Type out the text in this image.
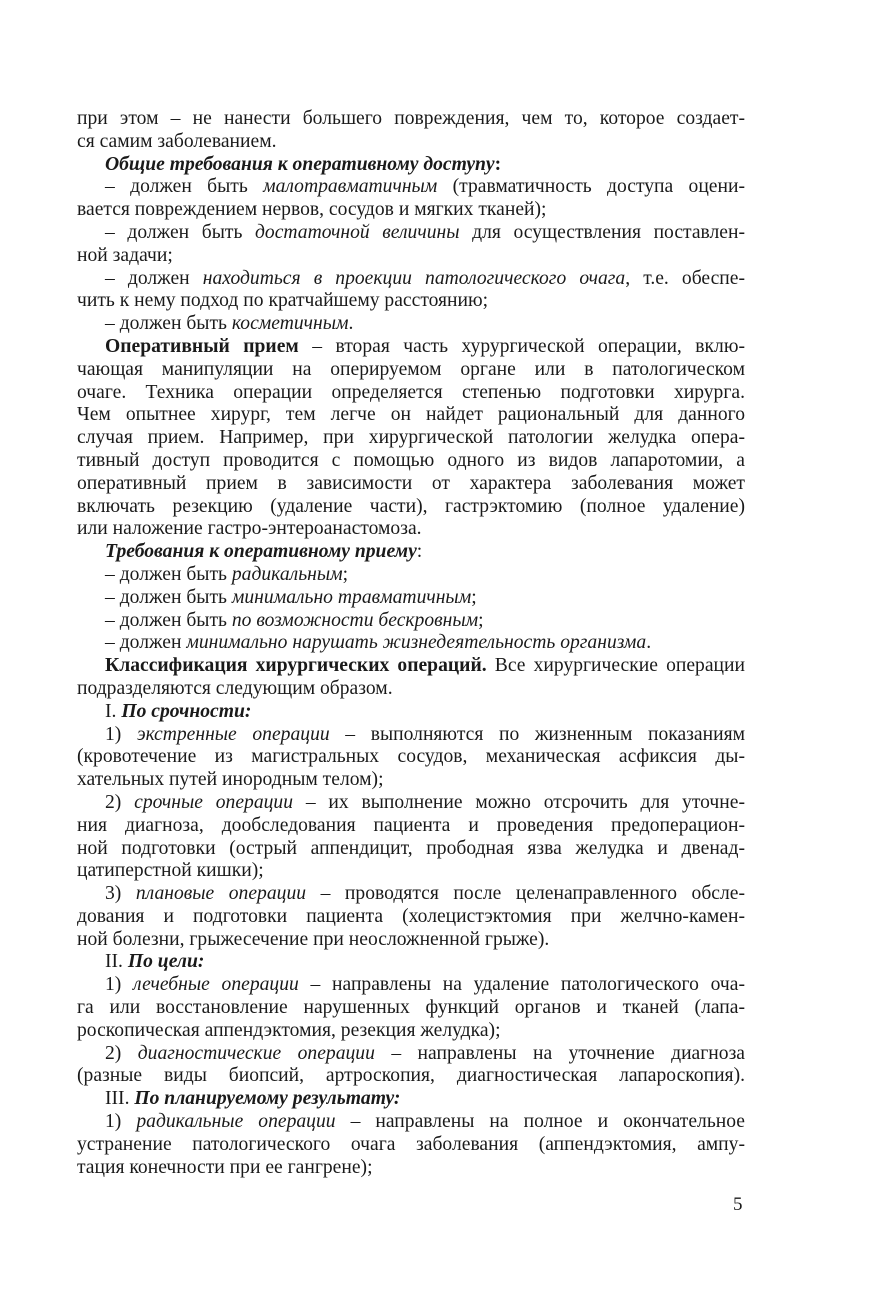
при этом – не нанести большего повреждения, чем то, которое создает-
ся самим заболеванием.
Общие требования к оперативному доступу:
– должен быть малотравматичным (травматичность доступа оцени-
вается повреждением нервов, сосудов и мягких тканей);
– должен быть достаточной величины для осуществления поставлен-
ной задачи;
– должен находиться в проекции патологического очага, т.е. обеспе-
чить к нему подход по кратчайшему расстоянию;
– должен быть косметичным.
Оперативный прием – вторая часть хурургической операции, вклю-
чающая манипуляции на оперируемом органе или в патологическом
очаге. Техника операции определяется степенью подготовки хирурга.
Чем опытнее хирург, тем легче он найдет рациональный для данного
случая прием. Например, при хирургической патологии желудка опера-
тивный доступ проводится с помощью одного из видов лапаротомии, а
оперативный прием в зависимости от характера заболевания может
включать резекцию (удаление части), гастрэктомию (полное удаление)
или наложение гастро-энтероанастомоза.
Требования к оперативному приему:
– должен быть радикальным;
– должен быть минимально травматичным;
– должен быть по возможности бескровным;
– должен минимально нарушать жизнедеятельность организма.
Классификация хирургических операций. Все хирургические операции
подразделяются следующим образом.
I. По срочности:
1) экстренные операции – выполняются по жизненным показаниям
(кровотечение из магистральных сосудов, механическая асфиксия ды-
хательных путей инородным телом);
2) срочные операции – их выполнение можно отсрочить для уточне-
ния диагноза, дообследования пациента и проведения предоперацион-
ной подготовки (острый аппендицит, прободная язва желудка и двенад-
цатиперстной кишки);
3) плановые операции – проводятся после целенаправленного обсле-
дования и подготовки пациента (холецистэктомия при желчно-камен-
ной болезни, грыжесечение при неосложненной грыже).
II. По цели:
1) лечебные операции – направлены на удаление патологического оча-
га или восстановление нарушенных функций органов и тканей (лапа-
роскопическая аппендэктомия, резекция желудка);
2) диагностические операции – направлены на уточнение диагноза
(разные виды биопсий, артроскопия, диагностическая лапароскопия).
III. По планируемому результату:
1) радикальные операции – направлены на полное и окончательное
устранение патологического очага заболевания (аппендэктомия, ампу-
тация конечности при ее гангрене);
5
